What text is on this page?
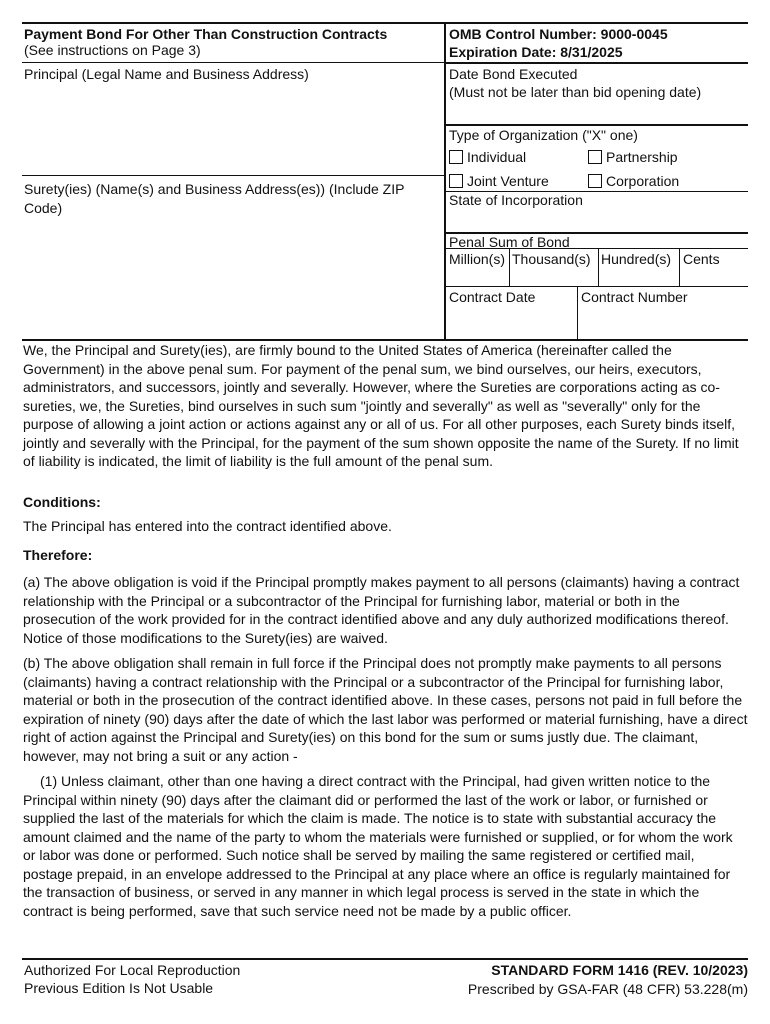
Payment Bond For Other Than Construction Contracts
(See instructions on Page 3)
OMB Control Number: 9000-0045
Expiration Date: 8/31/2025
Principal (Legal Name and Business Address)
Surety(ies) (Name(s) and Business Address(es)) (Include ZIP Code)
Date Bond Executed
(Must not be later than bid opening date)
Type of Organization ("X" one)
Individual	Partnership
Joint Venture	Corporation
State of Incorporation
Penal Sum of Bond
Million(s) Thousand(s) Hundred(s) Cents
Contract Date	Contract Number

We, the Principal and Surety(ies), are firmly bound to the United States of America (hereinafter called the Government) in the above penal sum. For payment of the penal sum, we bind ourselves, our heirs, executors, administrators, and successors, jointly and severally. However, where the Sureties are corporations acting as co-sureties, we, the Sureties, bind ourselves in such sum "jointly and severally" as well as "severally" only for the purpose of allowing a joint action or actions against any or all of us. For all other purposes, each Surety binds itself, jointly and severally with the Principal, for the payment of the sum shown opposite the name of the Surety. If no limit of liability is indicated, the limit of liability is the full amount of the penal sum.

Conditions:

The Principal has entered into the contract identified above.

Therefore:

(a) The above obligation is void if the Principal promptly makes payment to all persons (claimants) having a contract relationship with the Principal or a subcontractor of the Principal for furnishing labor, material or both in the prosecution of the work provided for in the contract identified above and any duly authorized modifications thereof. Notice of those modifications to the Surety(ies) are waived.

(b) The above obligation shall remain in full force if the Principal does not promptly make payments to all persons (claimants) having a contract relationship with the Principal or a subcontractor of the Principal for furnishing labor, material or both in the prosecution of the contract identified above. In these cases, persons not paid in full before the expiration of ninety (90) days after the date of which the last labor was performed or material furnishing, have a direct right of action against the Principal and Surety(ies) on this bond for the sum or sums justly due. The claimant, however, may not bring a suit or any action -

(1) Unless claimant, other than one having a direct contract with the Principal, had given written notice to the Principal within ninety (90) days after the claimant did or performed the last of the work or labor, or furnished or supplied the last of the materials for which the claim is made. The notice is to state with substantial accuracy the amount claimed and the name of the party to whom the materials were furnished or supplied, or for whom the work or labor was done or performed. Such notice shall be served by mailing the same registered or certified mail, postage prepaid, in an envelope addressed to the Principal at any place where an office is regularly maintained for the transaction of business, or served in any manner in which legal process is served in the state in which the contract is being performed, save that such service need not be made by a public officer.

Authorized For Local Reproduction
Previous Edition Is Not Usable
STANDARD FORM 1416 (REV. 10/2023)
Prescribed by GSA-FAR (48 CFR) 53.228(m)
